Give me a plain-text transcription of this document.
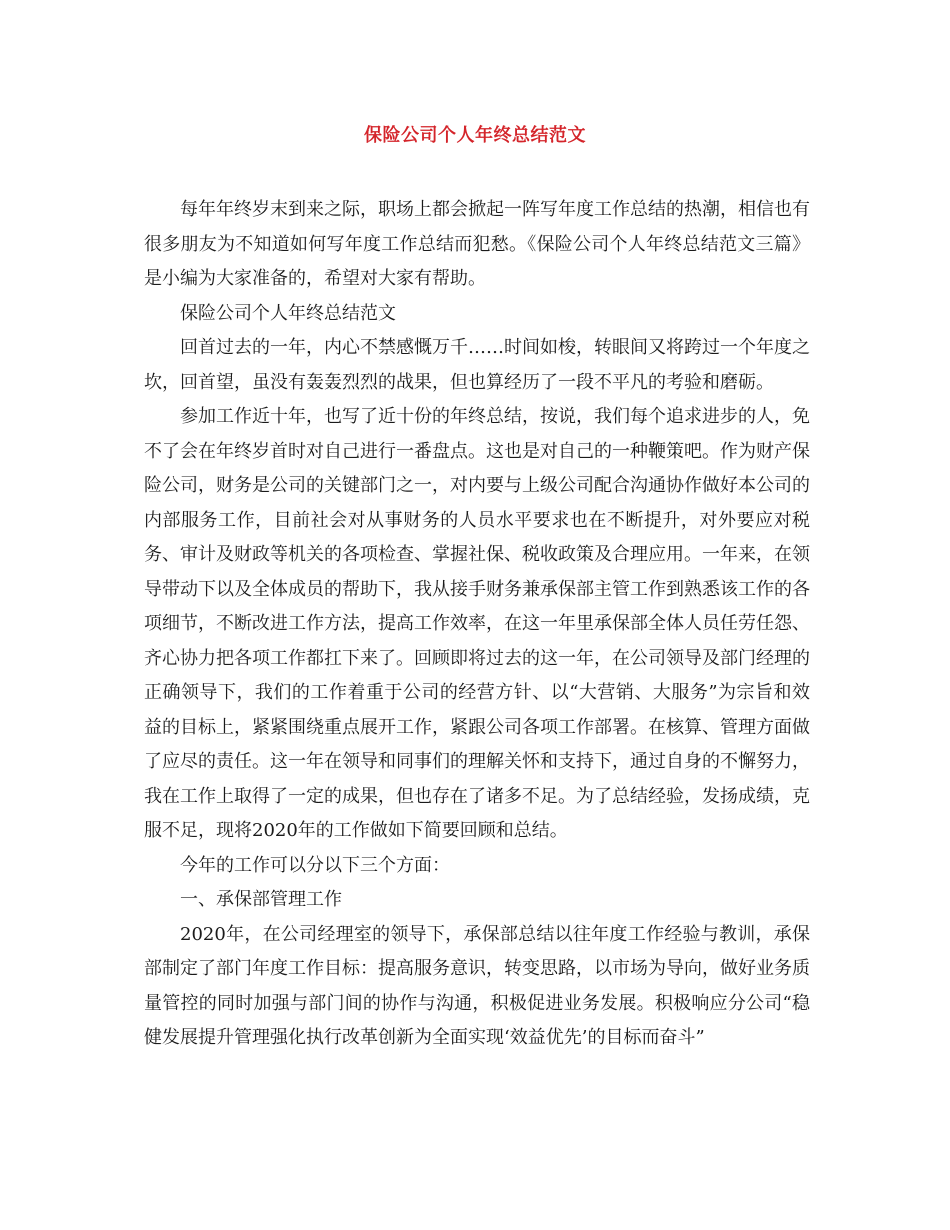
保险公司个人年终总结范文

每年年终岁末到来之际，职场上都会掀起一阵写年度工作总结的热潮，相信也有很多朋友为不知道如何写年度工作总结而犯愁。《保险公司个人年终总结范文三篇》是小编为大家准备的，希望对大家有帮助。

保险公司个人年终总结范文

回首过去的一年，内心不禁感慨万千……时间如梭，转眼间又将跨过一个年度之坎，回首望，虽没有轰轰烈烈的战果，但也算经历了一段不平凡的考验和磨砺。

参加工作近十年，也写了近十份的年终总结，按说，我们每个追求进步的人，免不了会在年终岁首时对自己进行一番盘点。这也是对自己的一种鞭策吧。作为财产保险公司，财务是公司的关键部门之一，对内要与上级公司配合沟通协作做好本公司的内部服务工作，目前社会对从事财务的人员水平要求也在不断提升，对外要应对税务、审计及财政等机关的各项检查、掌握社保、税收政策及合理应用。一年来，在领导带动下以及全体成员的帮助下，我从接手财务兼承保部主管工作到熟悉该工作的各项细节，不断改进工作方法，提高工作效率，在这一年里承保部全体人员任劳任怨、齐心协力把各项工作都扛下来了。回顾即将过去的这一年，在公司领导及部门经理的正确领导下，我们的工作着重于公司的经营方针、以“大营销、大服务”为宗旨和效益的目标上，紧紧围绕重点展开工作，紧跟公司各项工作部署。在核算、管理方面做了应尽的责任。这一年在领导和同事们的理解关怀和支持下，通过自身的不懈努力，我在工作上取得了一定的成果，但也存在了诸多不足。为了总结经验，发扬成绩，克服不足，现将2020年的工作做如下简要回顾和总结。

今年的工作可以分以下三个方面：

一、承保部管理工作

2020年，在公司经理室的领导下，承保部总结以往年度工作经验与教训，承保部制定了部门年度工作目标：提高服务意识，转变思路，以市场为导向，做好业务质量管控的同时加强与部门间的协作与沟通，积极促进业务发展。积极响应分公司“稳健发展提升管理强化执行改革创新为全面实现‘效益优先’的目标而奋斗”
